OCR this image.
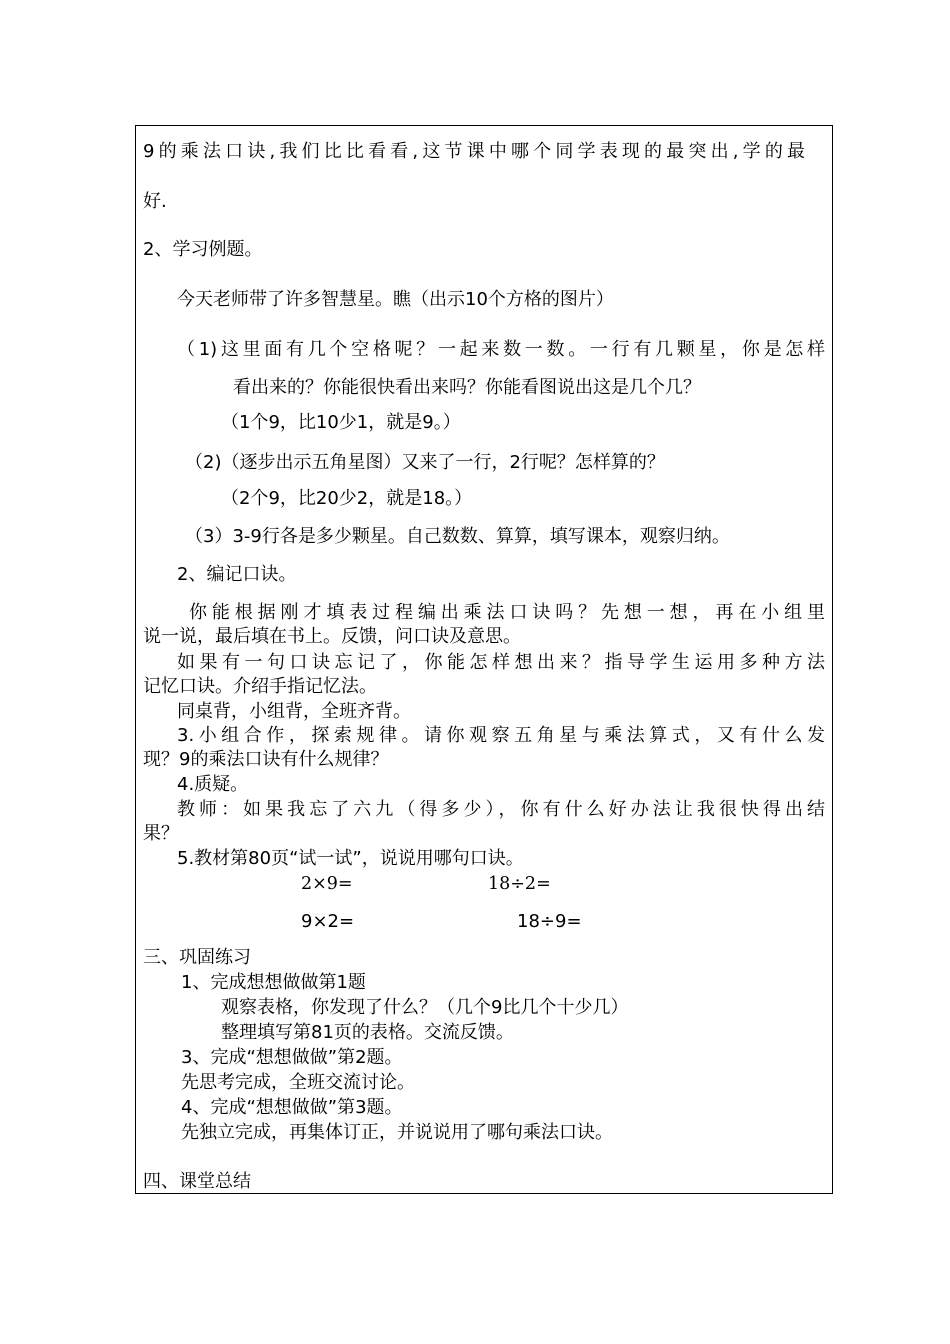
9的乘法口诀,我们比比看看,这节课中哪个同学表现的最突出,学的最
好.
2、学习例题。
今天老师带了许多智慧星。瞧（出示10个方格的图片）
（1)这里面有几个空格呢？一起来数一数。一行有几颗星，你是怎样
看出来的？你能很快看出来吗？你能看图说出这是几个几？
（1个9，比10少1，就是9。）
（2)（逐步出示五角星图）又来了一行，2行呢？怎样算的？
（2个9，比20少2，就是18。）
（3）3-9行各是多少颗星。自己数数、算算，填写课本，观察归纳。
2、编记口诀。
你能根据刚才填表过程编出乘法口诀吗？先想一想，再在小组里
说一说，最后填在书上。反馈，问口诀及意思。
如果有一句口诀忘记了，你能怎样想出来？指导学生运用多种方法
记忆口诀。介绍手指记忆法。
同桌背，小组背，全班齐背。
3.小组合作，探索规律。请你观察五角星与乘法算式，又有什么发
现？9的乘法口诀有什么规律？
4.质疑。
教师：如果我忘了六九（得多少），你有什么好办法让我很快得出结
果？
5.教材第80页“试一试”，说说用哪句口诀。
2×9=	18÷2=
9×2=	18÷9=
三、巩固练习
1、完成想想做做第1题
观察表格，你发现了什么？（几个9比几个十少几）
整理填写第81页的表格。交流反馈。
3、完成“想想做做”第2题。
先思考完成，全班交流讨论。
4、完成“想想做做”第3题。
先独立完成，再集体订正，并说说用了哪句乘法口诀。
四、课堂总结
